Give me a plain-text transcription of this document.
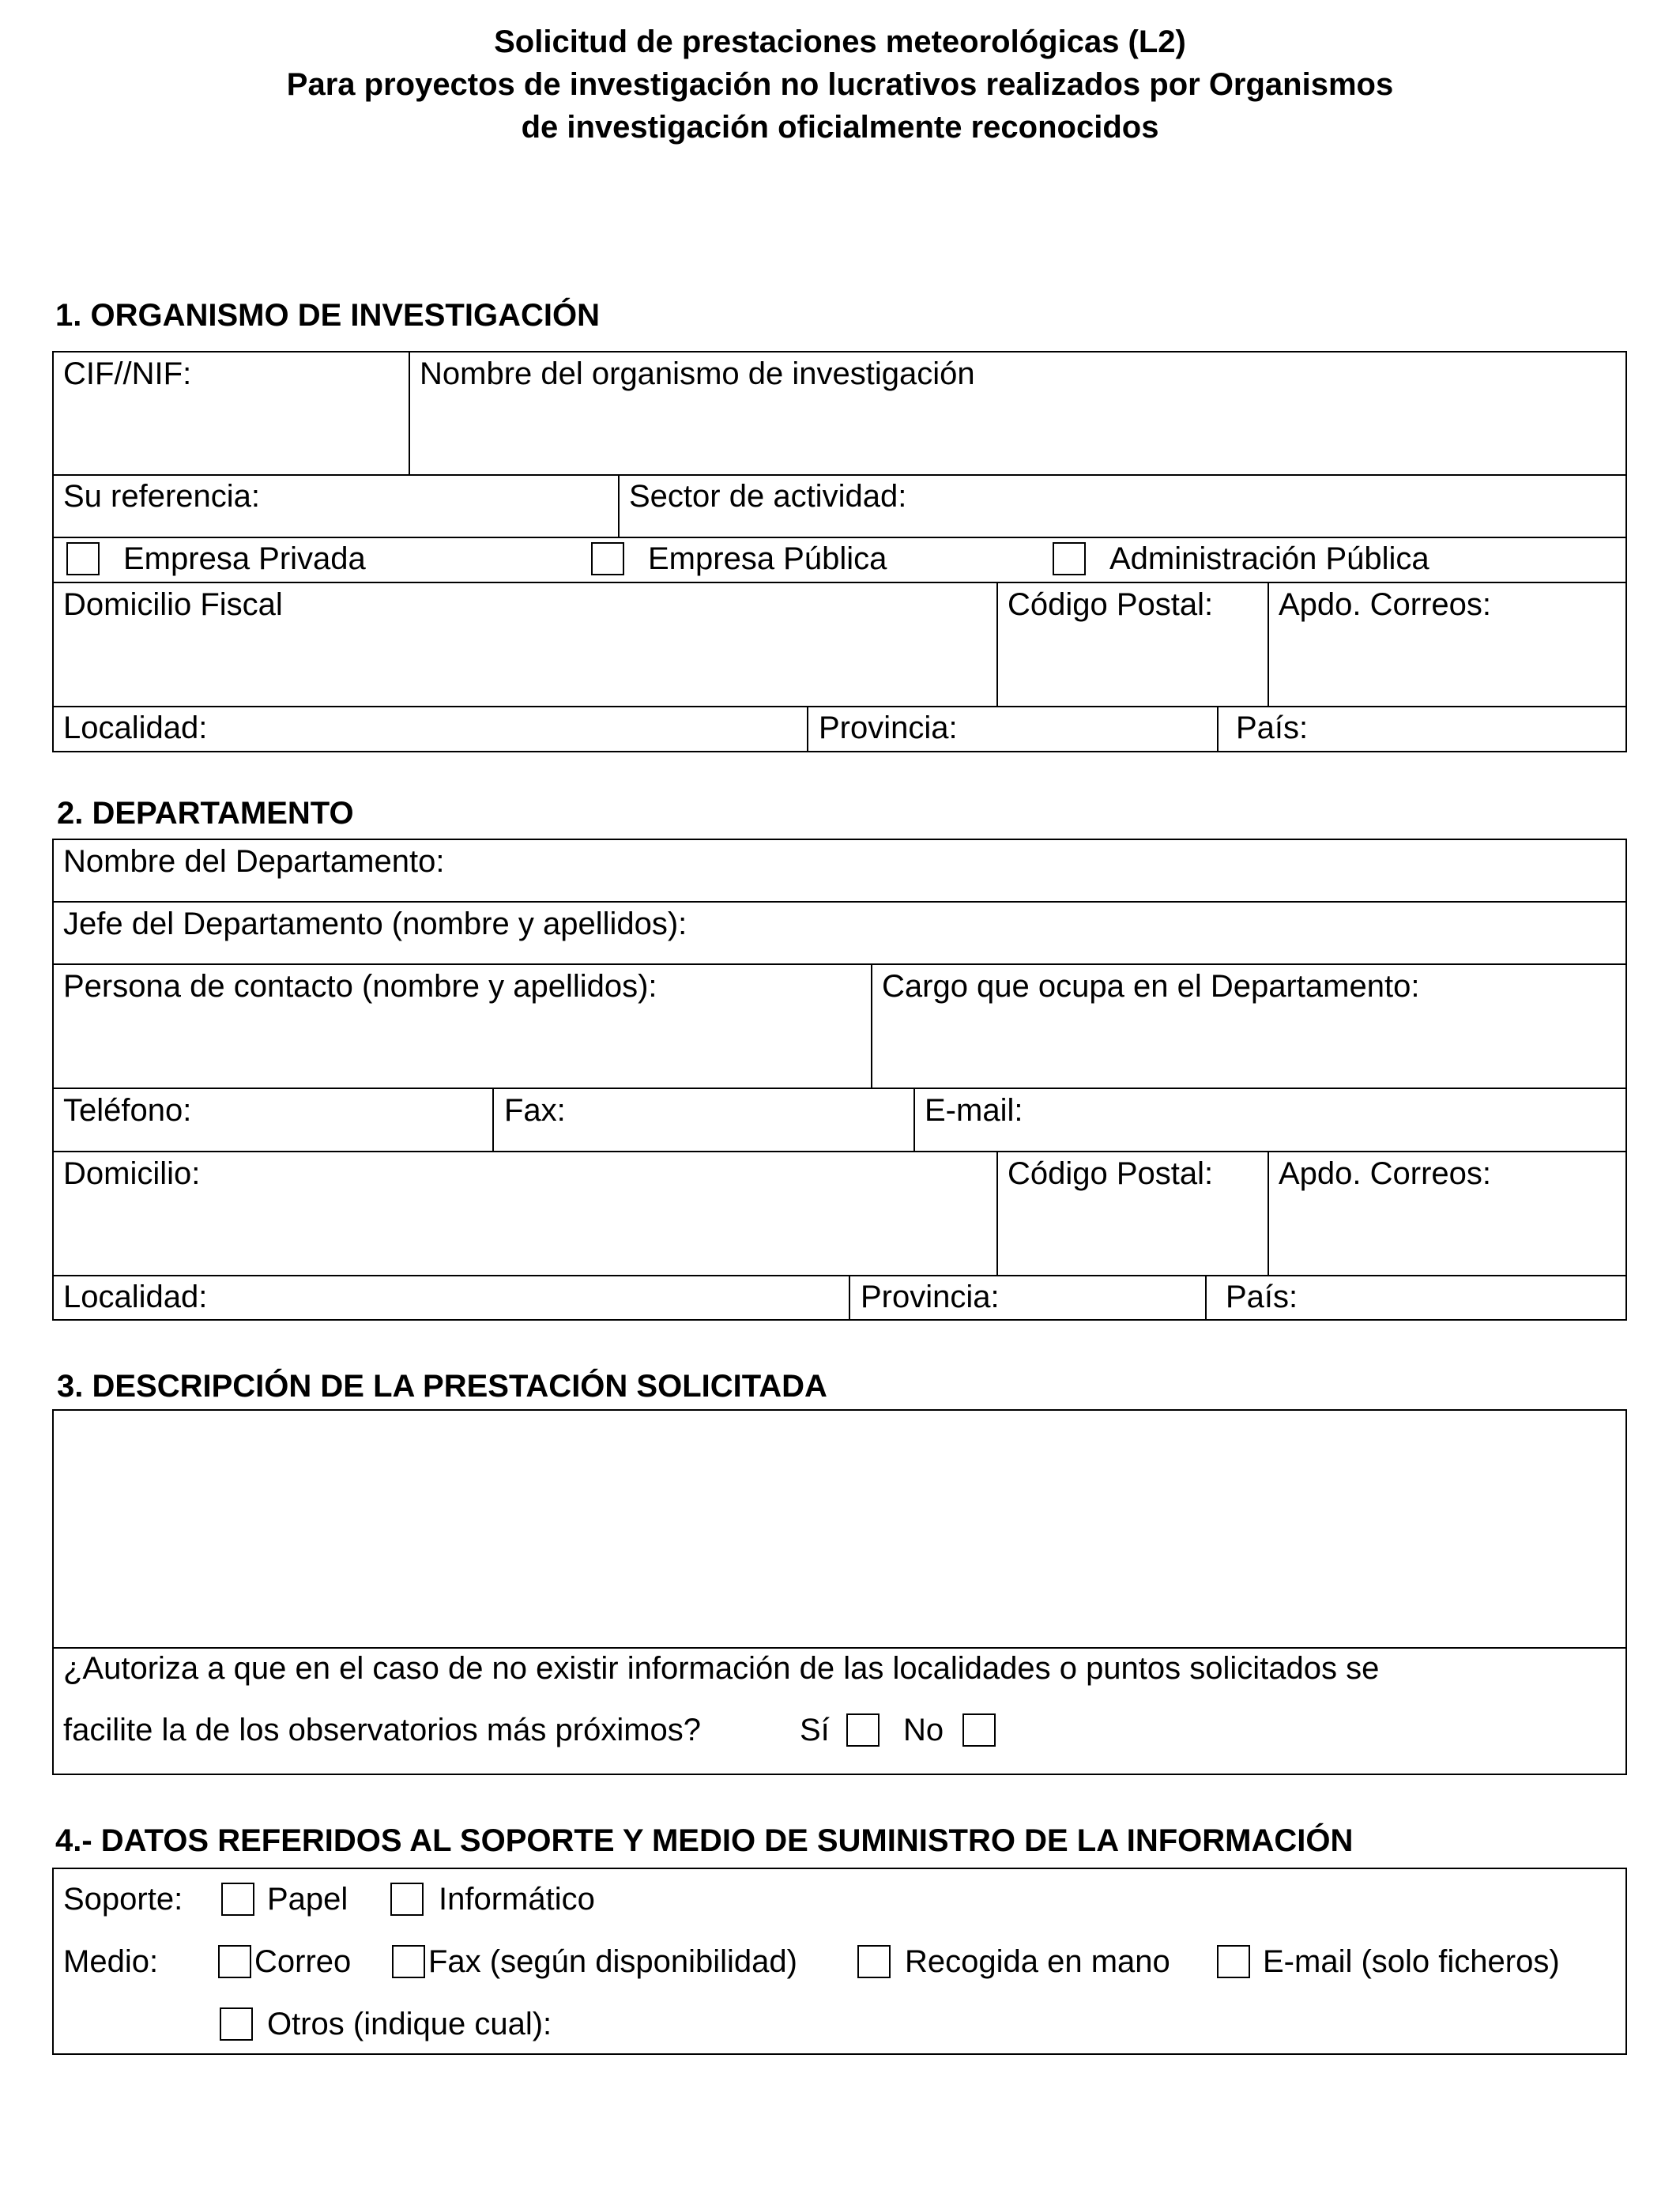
Solicitud de prestaciones meteorológicas (L2)
Para proyectos de investigación no lucrativos realizados por Organismos
de investigación oficialmente reconocidos
1. ORGANISMO DE INVESTIGACIÓN
CIF//NIF:	Nombre del organismo de investigación
Su referencia:	Sector de actividad:
Empresa Privada	Empresa Pública	Administración Pública
Domicilio Fiscal	Código Postal: Apdo. Correos:
Localidad:	Provincia:	País:
2. DEPARTAMENTO
Nombre del Departamento:
Jefe del Departamento (nombre y apellidos):
Persona de contacto (nombre y apellidos):	Cargo que ocupa en el Departamento:
Teléfono:	Fax:	E-mail:
Domicilio:	Código Postal: Apdo. Correos:
Localidad:	Provincia:	País:
3. DESCRIPCIÓN DE LA PRESTACIÓN SOLICITADA
¿Autoriza a que en el caso de no existir información de las localidades o puntos solicitados se
facilite la de los observatorios más próximos?	Sí No
4.- DATOS REFERIDOS AL SOPORTE Y MEDIO DE SUMINISTRO DE LA INFORMACIÓN
Soporte:	Papel	Informático
Medio:	Correo Fax (según disponibilidad)	Recogida en mano	E-mail (solo ficheros)
Otros (indique cual):
